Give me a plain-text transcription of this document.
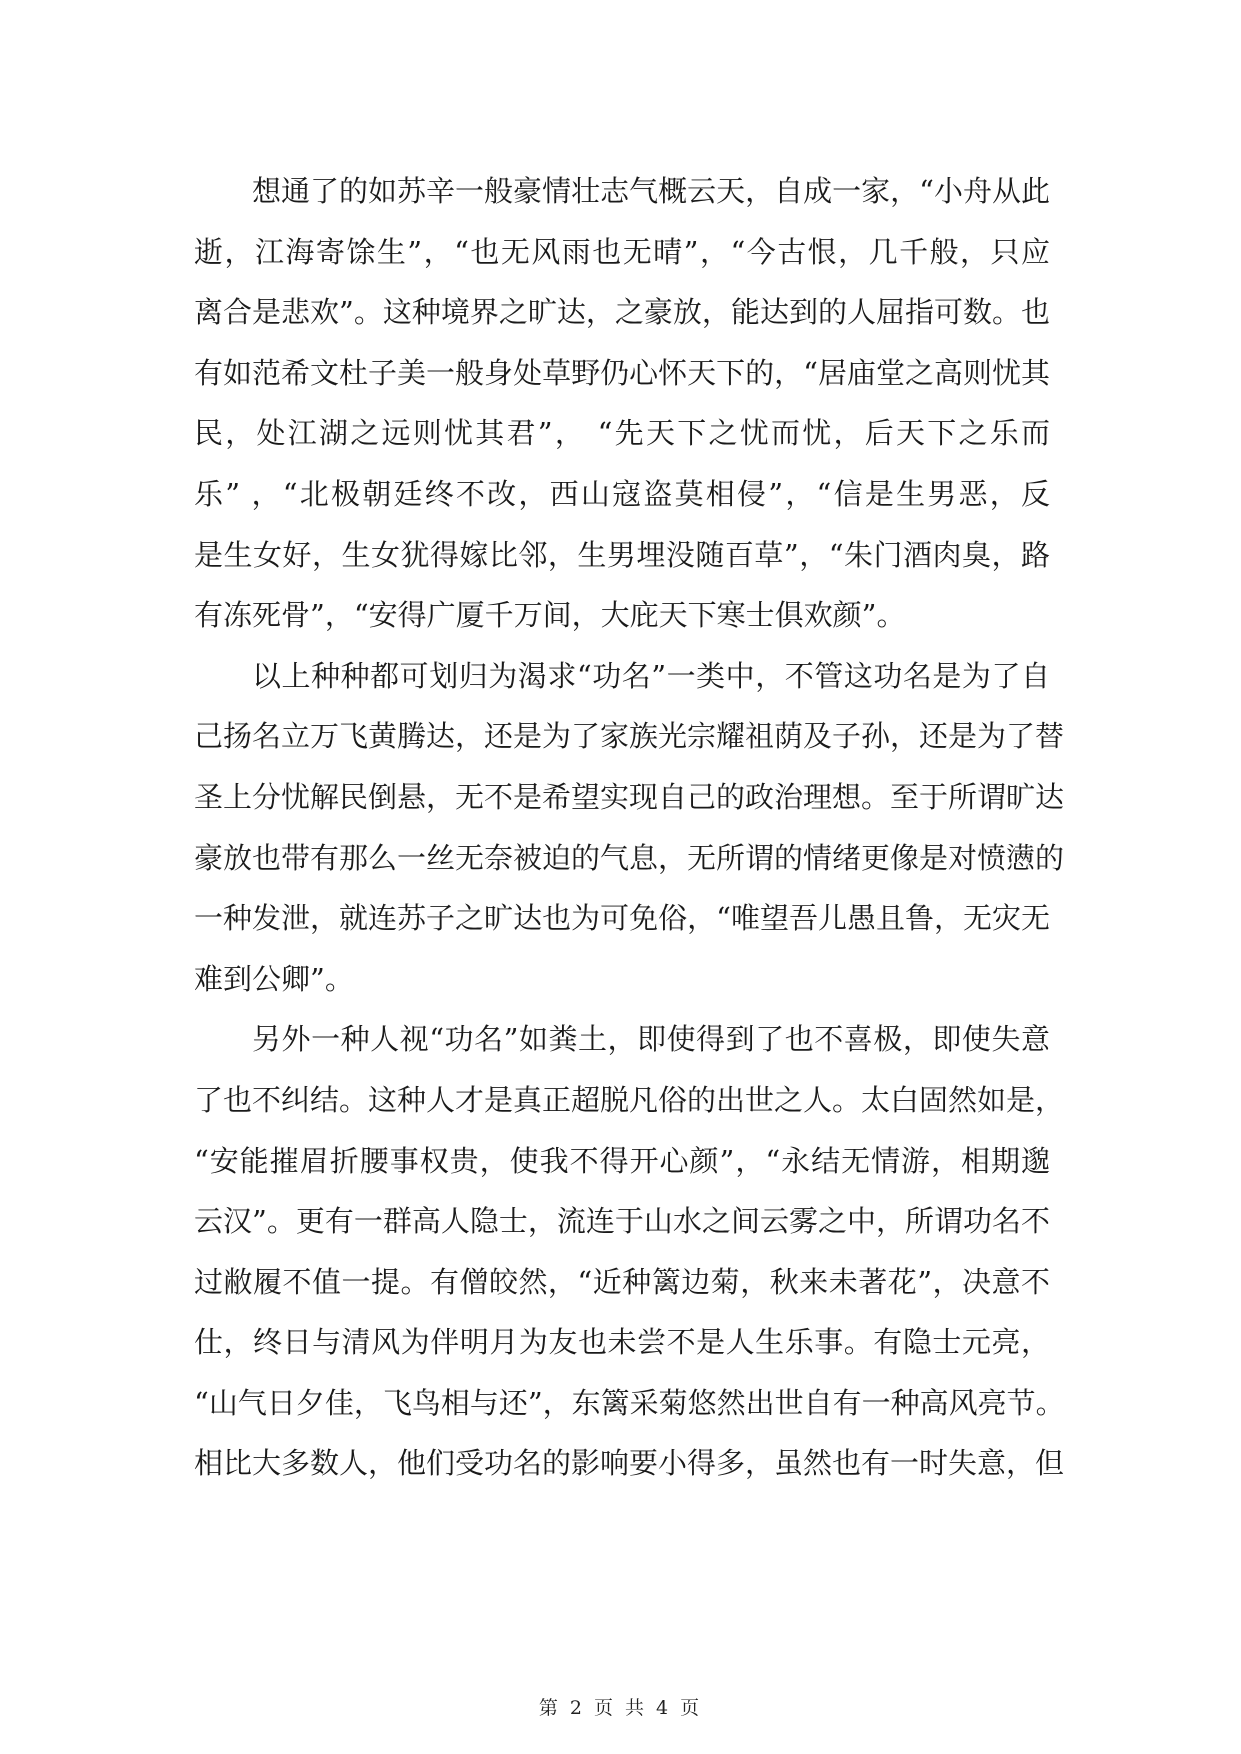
想通了的如苏辛一般豪情壮志气概云天，自成一家，“小舟从此
逝，江海寄馀生”，“也无风雨也无晴”，“今古恨，几千般，只应
离合是悲欢”。这种境界之旷达，之豪放，能达到的人屈指可数。也
有如范希文杜子美一般身处草野仍心怀天下的，“居庙堂之高则忧其
民，处江湖之远则忧其君”， “先天下之忧而忧，后天下之乐而
乐” ，“北极朝廷终不改，西山寇盗莫相侵”，“信是生男恶，反
是生女好，生女犹得嫁比邻，生男埋没随百草”，“朱门酒肉臭，路
有冻死骨”，“安得广厦千万间，大庇天下寒士俱欢颜”。
以上种种都可划归为渴求“功名”一类中，不管这功名是为了自
己扬名立万飞黄腾达，还是为了家族光宗耀祖荫及子孙，还是为了替
圣上分忧解民倒悬，无不是希望实现自己的政治理想。至于所谓旷达
豪放也带有那么一丝无奈被迫的气息，无所谓的情绪更像是对愤懑的
一种发泄，就连苏子之旷达也为可免俗，“唯望吾儿愚且鲁，无灾无
难到公卿”。
另外一种人视“功名”如粪土，即使得到了也不喜极，即使失意
了也不纠结。这种人才是真正超脱凡俗的出世之人。太白固然如是，
“安能摧眉折腰事权贵，使我不得开心颜”，“永结无情游，相期邈
云汉”。更有一群高人隐士，流连于山水之间云雾之中，所谓功名不
过敝履不值一提。有僧皎然，“近种篱边菊，秋来未著花”，决意不
仕，终日与清风为伴明月为友也未尝不是人生乐事。有隐士元亮，
“山气日夕佳，飞鸟相与还”，东篱采菊悠然出世自有一种高风亮节。
相比大多数人，他们受功名的影响要小得多，虽然也有一时失意，但
第 2 页 共 4 页
